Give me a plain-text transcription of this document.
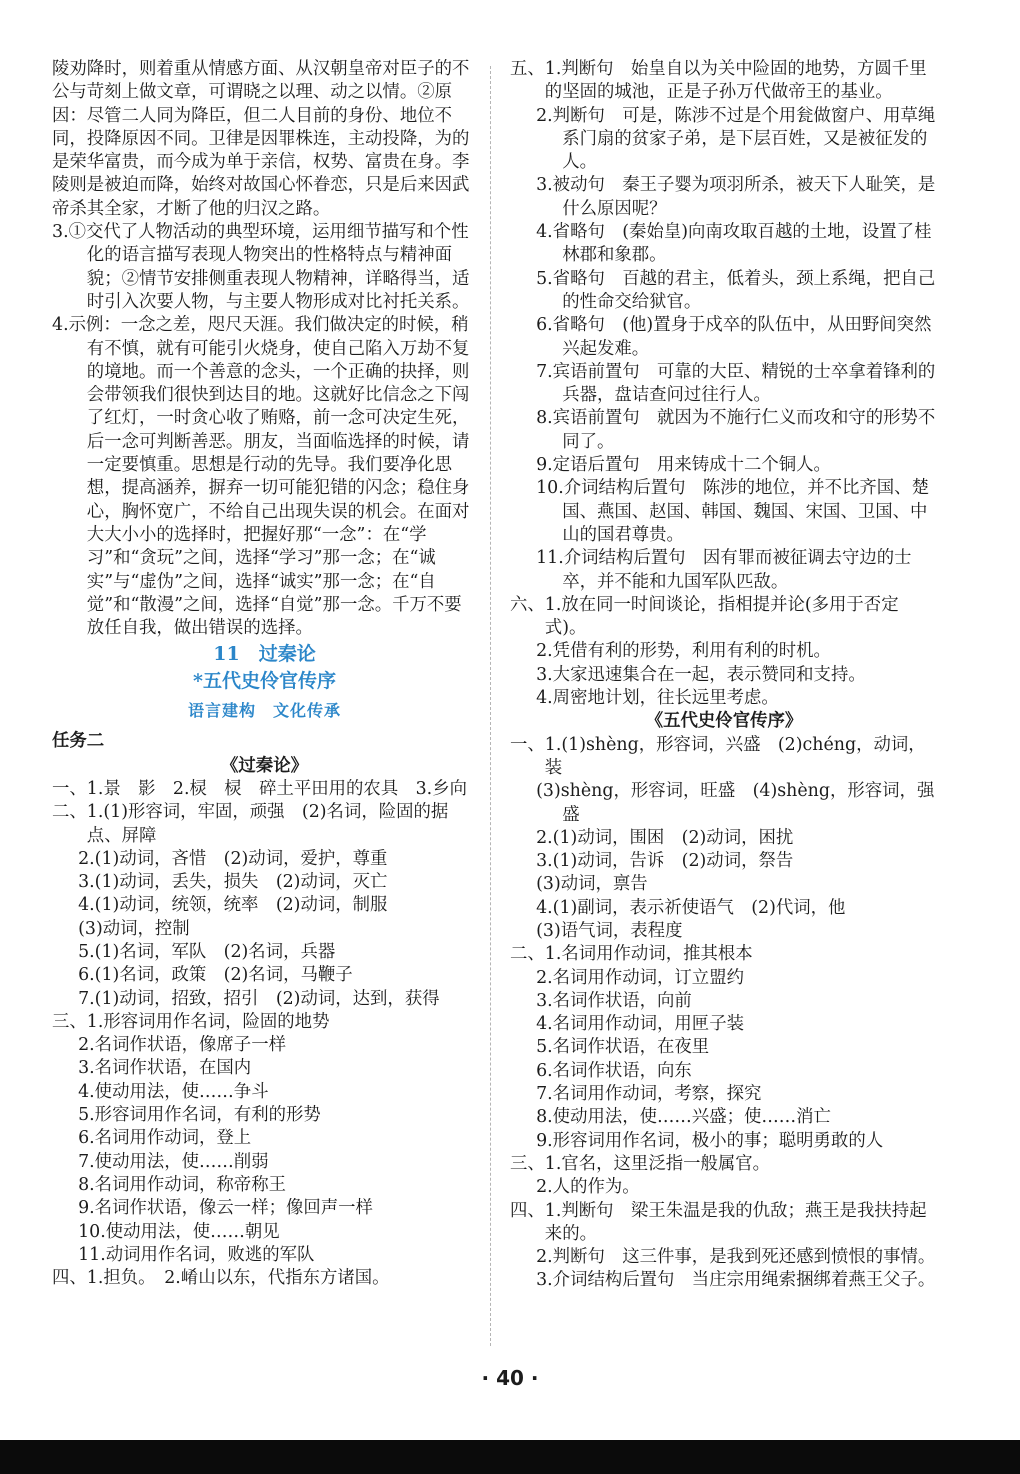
陵劝降时，则着重从情感方面、从汉朝皇帝对臣子的不公与苛刻上做文章，可谓晓之以理、动之以情。②原因：尽管二人同为降臣，但二人目前的身份、地位不同，投降原因不同。卫律是因罪株连，主动投降，为的是荣华富贵，而今成为单于亲信，权势、富贵在身。李陵则是被迫而降，始终对故国心怀眷恋，只是后来因武帝杀其全家，才断了他的归汉之路。

3.①交代了人物活动的典型环境，运用细节描写和个性化的语言描写表现人物突出的性格特点与精神面貌；②情节安排侧重表现人物精神，详略得当，适时引入次要人物，与主要人物形成对比衬托关系。

4.示例：一念之差，咫尺天涯。我们做决定的时候，稍有不慎，就有可能引火烧身，使自己陷入万劫不复的境地。而一个善意的念头，一个正确的抉择，则会带领我们很快到达目的地。这就好比信念之下闯了红灯，一时贪心收了贿赂，前一念可决定生死，后一念可判断善恶。朋友，当面临选择的时候，请一定要慎重。思想是行动的先导。我们要净化思想，提高涵养，摒弃一切可能犯错的闪念；稳住身心，胸怀宽广，不给自己出现失误的机会。在面对大大小小的选择时，把握好那“一念”：在“学习”和“贪玩”之间，选择“学习”那一念；在“诚实”与“虚伪”之间，选择“诚实”那一念；在“自觉”和“散漫”之间，选择“自觉”那一念。千万不要放任自我，做出错误的选择。

11　过秦论
*五代史伶官传序
语言建构　文化传承

任务二

《过秦论》

一、1.景　影　2.棂　棂　碎土平田用的农具　3.乡向

二、1.(1)形容词，牢固，顽强　(2)名词，险固的据点、屏障

2.(1)动词，吝惜　(2)动词，爱护，尊重

3.(1)动词，丢失，损失　(2)动词，灭亡

4.(1)动词，统领，统率　(2)动词，制服

(3)动词，控制

5.(1)名词，军队　(2)名词，兵器

6.(1)名词，政策　(2)名词，马鞭子

7.(1)动词，招致，招引　(2)动词，达到，获得

三、1.形容词用作名词，险固的地势

2.名词作状语，像席子一样

3.名词作状语，在国内

4.使动用法，使……争斗

5.形容词用作名词，有利的形势

6.名词用作动词，登上

7.使动用法，使……削弱

8.名词用作动词，称帝称王

9.名词作状语，像云一样；像回声一样

10.使动用法，使……朝见

11.动词用作名词，败逃的军队

四、1.担负。　2.崤山以东，代指东方诸国。

五、1.判断句　始皇自以为关中险固的地势，方圆千里的坚固的城池，正是子孙万代做帝王的基业。

2.判断句　可是，陈涉不过是个用瓮做窗户、用草绳系门扇的贫家子弟，是下层百姓，又是被征发的人。

3.被动句　秦王子婴为项羽所杀，被天下人耻笑，是什么原因呢？

4.省略句　(秦始皇)向南攻取百越的土地，设置了桂林郡和象郡。

5.省略句　百越的君主，低着头，颈上系绳，把自己的性命交给狱官。

6.省略句　(他)置身于戍卒的队伍中，从田野间突然兴起发难。

7.宾语前置句　可靠的大臣、精锐的士卒拿着锋利的兵器，盘诘查问过往行人。

8.宾语前置句　就因为不施行仁义而攻和守的形势不同了。

9.定语后置句　用来铸成十二个铜人。

10.介词结构后置句　陈涉的地位，并不比齐国、楚国、燕国、赵国、韩国、魏国、宋国、卫国、中山的国君尊贵。

11.介词结构后置句　因有罪而被征调去守边的士卒，并不能和九国军队匹敌。

六、1.放在同一时间谈论，指相提并论(多用于否定式)。

2.凭借有利的形势，利用有利的时机。

3.大家迅速集合在一起，表示赞同和支持。

4.周密地计划，往长远里考虑。

《五代史伶官传序》

一、1.(1)shèng，形容词，兴盛　(2)chéng，动词，装

(3)shèng，形容词，旺盛　(4)shèng，形容词，强盛

2.(1)动词，围困　(2)动词，困扰

3.(1)动词，告诉　(2)动词，祭告

(3)动词，禀告

4.(1)副词，表示祈使语气　(2)代词，他

(3)语气词，表程度

二、1.名词用作动词，推其根本

2.名词用作动词，订立盟约

3.名词作状语，向前

4.名词用作动词，用匣子装

5.名词作状语，在夜里

6.名词作状语，向东

7.名词用作动词，考察，探究

8.使动用法，使……兴盛；使……消亡

9.形容词用作名词，极小的事；聪明勇敢的人

三、1.官名，这里泛指一般属官。

2.人的作为。

四、1.判断句　梁王朱温是我的仇敌；燕王是我扶持起来的。

2.判断句　这三件事，是我到死还感到愤恨的事情。

3.介词结构后置句　当庄宗用绳索捆绑着燕王父子。

· 40 ·
